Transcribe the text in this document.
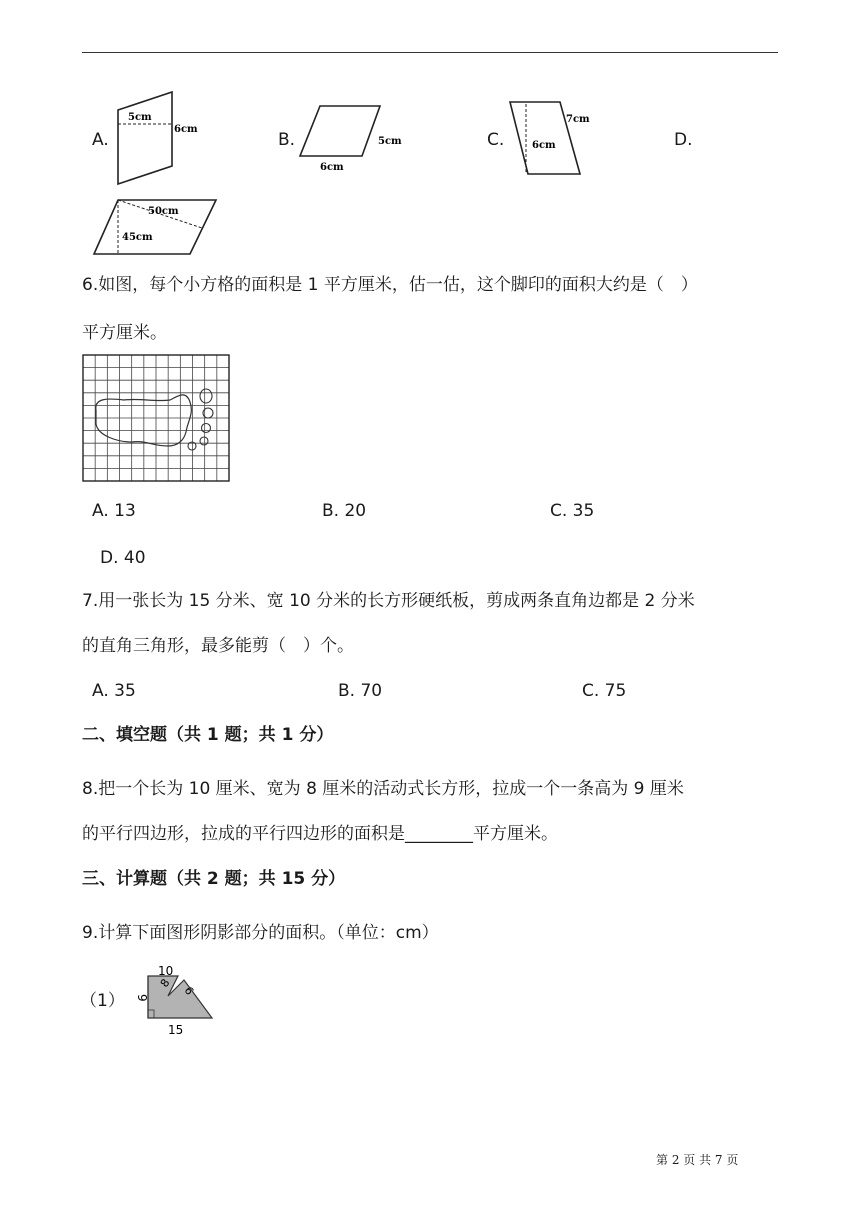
A.
5cm
6cm
B.	5cm
6cm
C.
7cm
6cm	D.
50cm
45cm
6.如图，每个小方格的面积是 1 平方厘米，估一估，这个脚印的面积大约是（　）
平方厘米。
A. 13	B. 20	C. 35
D. 40
7.用一张长为 15 分米、宽 10 分米的长方形硬纸板，剪成两条直角边都是 2 分米
的直角三角形，最多能剪（　）个。
A. 35	B. 70	C. 75
二、填空题（共 1 题；共 1 分）
8.把一个长为 10 厘米、宽为 8 厘米的活动式长方形，拉成一个一条高为 9 厘米
的平行四边形，拉成的平行四边形的面积是________平方厘米。
三、计算题（共 2 题；共 15 分）
9.计算下面图形阴影部分的面积。（单位：cm）
（1）
10
8
6
9
15
第 2 页 共 7 页
